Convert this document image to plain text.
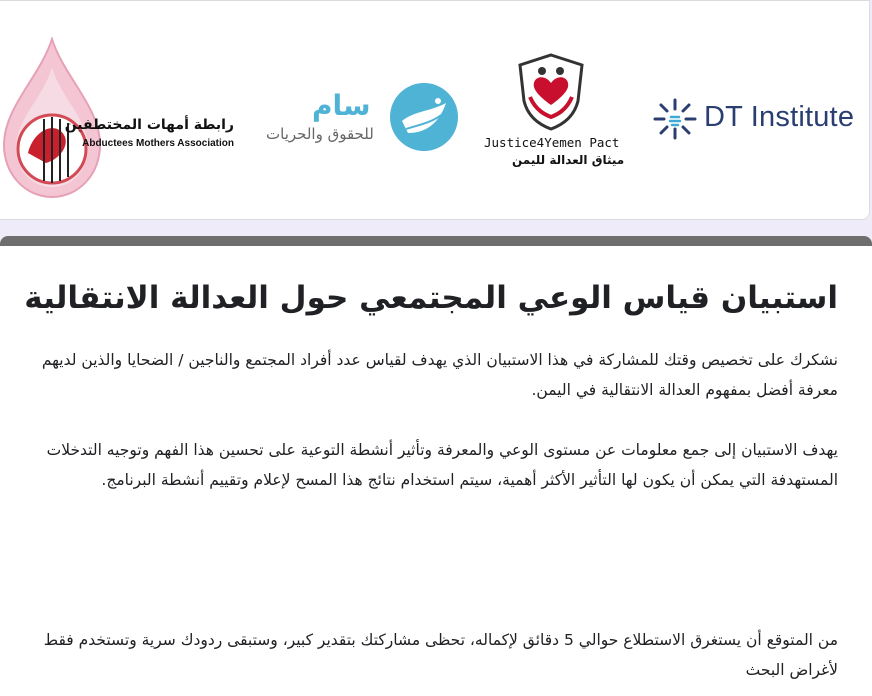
رابطة أمهات المختطفين
Abductees Mothers Association
سام
للحقوق والحريات	Justice4Yemen Pact
ميثاق العدالة لليمن
DT Institute
استبيان قياس الوعي المجتمعي حول العدالة الانتقالية
نشكرك على تخصيص وقتك للمشاركة في هذا الاستبيان الذي يهدف لقياس عدد أفراد المجتمع والناجين / الضحايا والذين لديهم معرفة أفضل بمفهوم العدالة الانتقالية في اليمن.
يهدف الاستبيان إلى جمع معلومات عن مستوى الوعي والمعرفة وتأثير أنشطة التوعية على تحسين هذا الفهم وتوجيه التدخلات المستهدفة التي يمكن أن يكون لها التأثير الأكثر أهمية، سيتم استخدام نتائج هذا المسح لإعلام وتقييم أنشطة البرنامج.
من المتوقع أن يستغرق الاستطلاع حوالي 5 دقائق لإكماله، تحظى مشاركتك بتقدير كبير، وستبقى ردودك سرية وتستخدم فقط لأغراض البحث
